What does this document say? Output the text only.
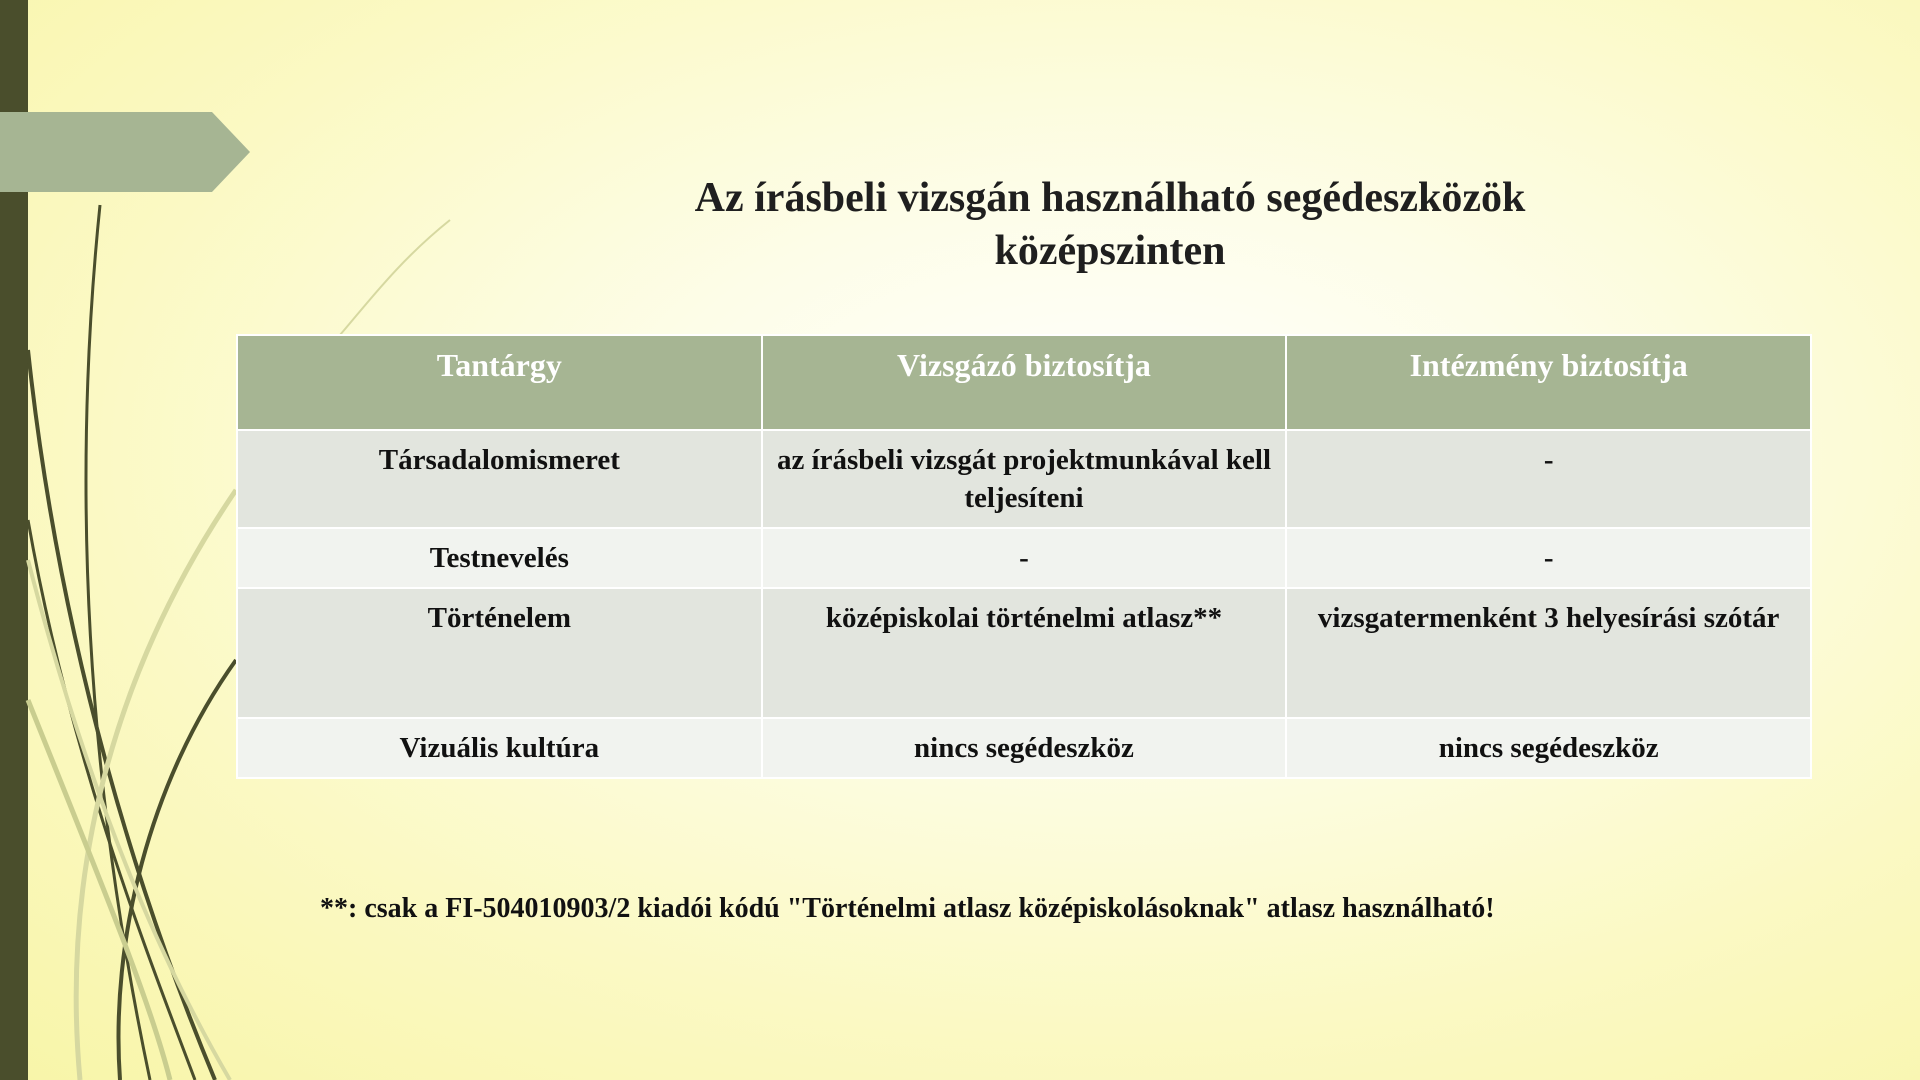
Az írásbeli vizsgán használható segédeszközök
középszinten
Tantárgy	Vizsgázó biztosítja	Intézmény biztosítja
Társadalomismeret	az írásbeli vizsgát projektmunkával kell teljesíteni	-
Testnevelés	-	-
Történelem	középiskolai történelmi atlasz**	vizsgatermenként 3 helyesírási szótár
Vizuális kultúra	nincs segédeszköz	nincs segédeszköz
**: csak a FI-504010903/2 kiadói kódú "Történelmi atlasz középiskolásoknak" atlasz használható!
